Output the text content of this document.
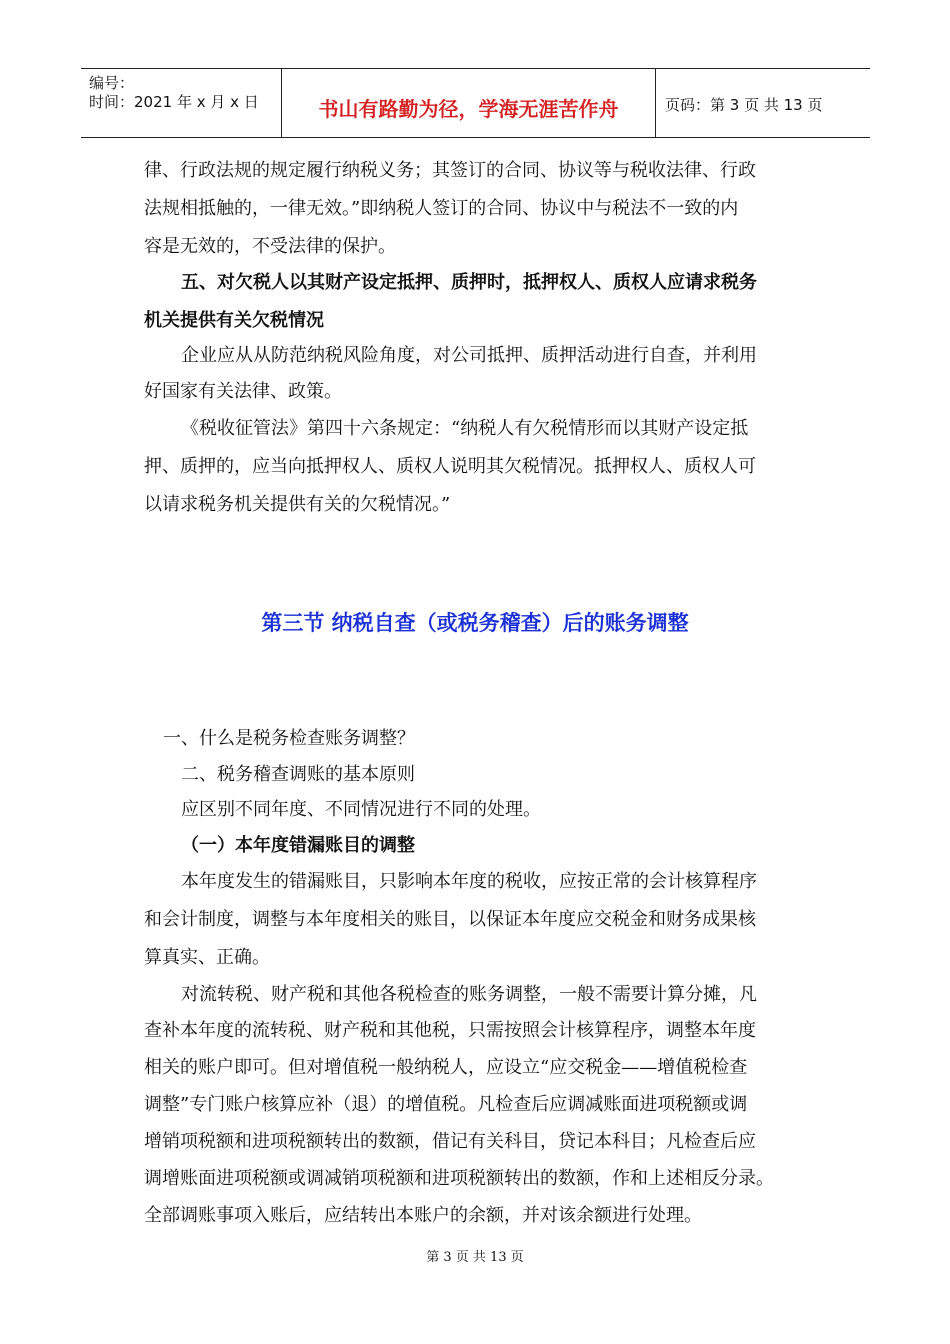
编号：
时间：2021 年 x 月 x 日	书山有路勤为径，学海无涯苦作舟	页码：第 3 页 共 13 页
律、行政法规的规定履行纳税义务；其签订的合同、协议等与税收法律、行政
法规相抵触的，一律无效。”即纳税人签订的合同、协议中与税法不一致的内
容是无效的，不受法律的保护。
五、对欠税人以其财产设定抵押、质押时，抵押权人、质权人应请求税务
机关提供有关欠税情况
企业应从从防范纳税风险角度，对公司抵押、质押活动进行自查，并利用
好国家有关法律、政策。
《税收征管法》第四十六条规定：“纳税人有欠税情形而以其财产设定抵
押、质押的，应当向抵押权人、质权人说明其欠税情况。抵押权人、质权人可
以请求税务机关提供有关的欠税情况。”
第三节 纳税自查（或税务稽查）后的账务调整
一、什么是税务检查账务调整？
二、税务稽查调账的基本原则
应区别不同年度、不同情况进行不同的处理。
（一）本年度错漏账目的调整
本年度发生的错漏账目，只影响本年度的税收，应按正常的会计核算程序
和会计制度，调整与本年度相关的账目，以保证本年度应交税金和财务成果核
算真实、正确。
对流转税、财产税和其他各税检查的账务调整，一般不需要计算分摊，凡
查补本年度的流转税、财产税和其他税，只需按照会计核算程序，调整本年度
相关的账户即可。但对增值税一般纳税人，应设立“应交税金——增值税检查
调整”专门账户核算应补（退）的增值税。凡检查后应调减账面进项税额或调
增销项税额和进项税额转出的数额，借记有关科目，贷记本科目；凡检查后应
调增账面进项税额或调减销项税额和进项税额转出的数额，作和上述相反分录。
全部调账事项入账后，应结转出本账户的余额，并对该余额进行处理。
第 3 页 共 13 页
